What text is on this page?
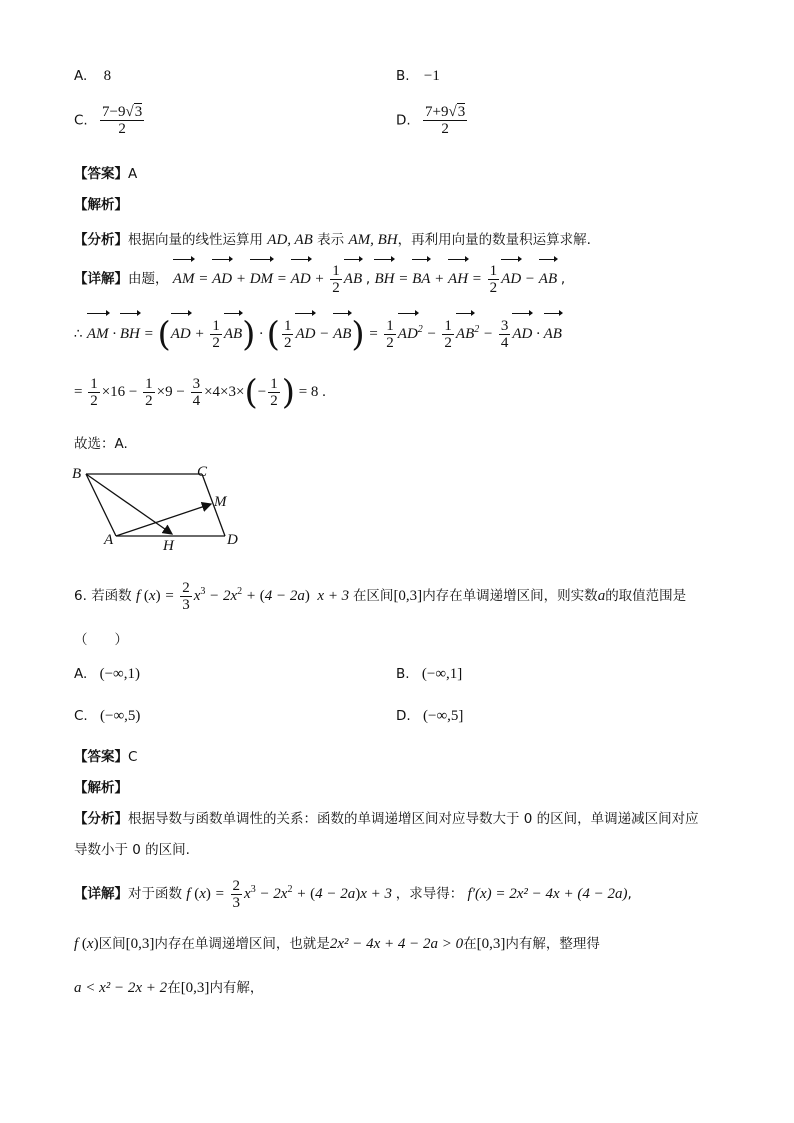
A. 8	B. −1
C. $\frac{7-9√3}{2}$	D. $\frac{7+9√3}{2}$
【答案】A
【解析】
【分析】根据向量的线性运算用 AD, AB 表示 AM, BH，再利用向量的数量积运算求解.
【详解】由题， AM = AD + DM = AD + $\frac{1}{2}$ AB , BH = BA + AH = $\frac{1}{2}$ AD − AB ,
∴ AM · BH = $(AD + \frac{1}{2} AB)$ · ( $\frac{1}{2}$ AD − $AB) = \frac{1}{2} AD^2 - \frac{1}{2} AB^2 - \frac{3}{4}$ AD · AB
= $\frac{1}{2} \times 16 - \frac{1}{2} \times 9 - \frac{3}{4} \times 4\times 3\times(- \frac{1}{2}$ ) = 8 .
故选：A.
B	C
M
A	H	D
6. 若函数 f $(x) = \frac{2}{3} x^3 - 2x^2 + (4 - 2a) x + 3$ 在区间[0,3]内存在单调递增区间，则实数a的取值范围是
（　　）
A. (−∞,1)	B. (−∞,1]
C. (−∞,5)	D. (−∞,5]
【答案】C
【解析】
【分析】根据导数与函数单调性的关系：函数的单调递增区间对应导数大于 0 的区间，单调递减区间对应
导数小于 0 的区间.
【详解】对于函数 f $(x) = \frac{2}{3} x^3 - 2x^2 + (4 - 2a)x + 3$ ，求导得： f′(x) = 2x² − 4x + (4 − 2a),
f (x)区间[0,3]内存在单调递增区间，也就是2x² − 4x + 4 − 2a > 0在[0,3]内有解，整理得
a < x² − 2x + 2在[0,3]内有解，
